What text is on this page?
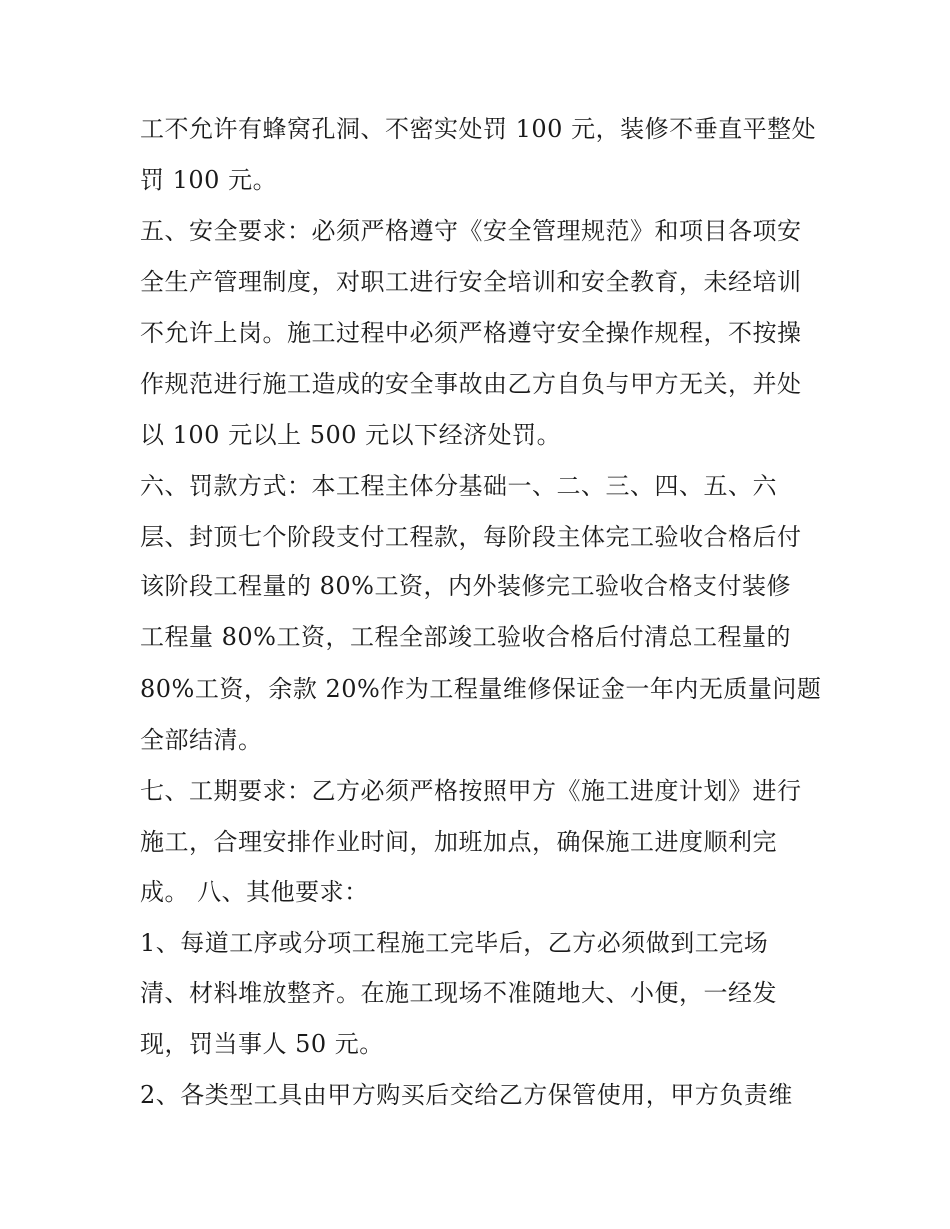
工不允许有蜂窝孔洞、不密实处罚 100 元，装修不垂直平整处
罚 100 元。
五、安全要求：必须严格遵守《安全管理规范》和项目各项安
全生产管理制度，对职工进行安全培训和安全教育，未经培训
不允许上岗。施工过程中必须严格遵守安全操作规程，不按操
作规范进行施工造成的安全事故由乙方自负与甲方无关，并处
以 100 元以上 500 元以下经济处罚。
六、罚款方式：本工程主体分基础一、二、三、四、五、六
层、封顶七个阶段支付工程款，每阶段主体完工验收合格后付
该阶段工程量的 80%工资，内外装修完工验收合格支付装修
工程量 80%工资，工程全部竣工验收合格后付清总工程量的
80%工资，余款 20%作为工程量维修保证金一年内无质量问题
全部结清。
七、工期要求：乙方必须严格按照甲方《施工进度计划》进行
施工，合理安排作业时间，加班加点，确保施工进度顺利完
成。 八、其他要求：
1、每道工序或分项工程施工完毕后，乙方必须做到工完场
清、材料堆放整齐。在施工现场不准随地大、小便，一经发
现，罚当事人 50 元。
2、各类型工具由甲方购买后交给乙方保管使用，甲方负责维
